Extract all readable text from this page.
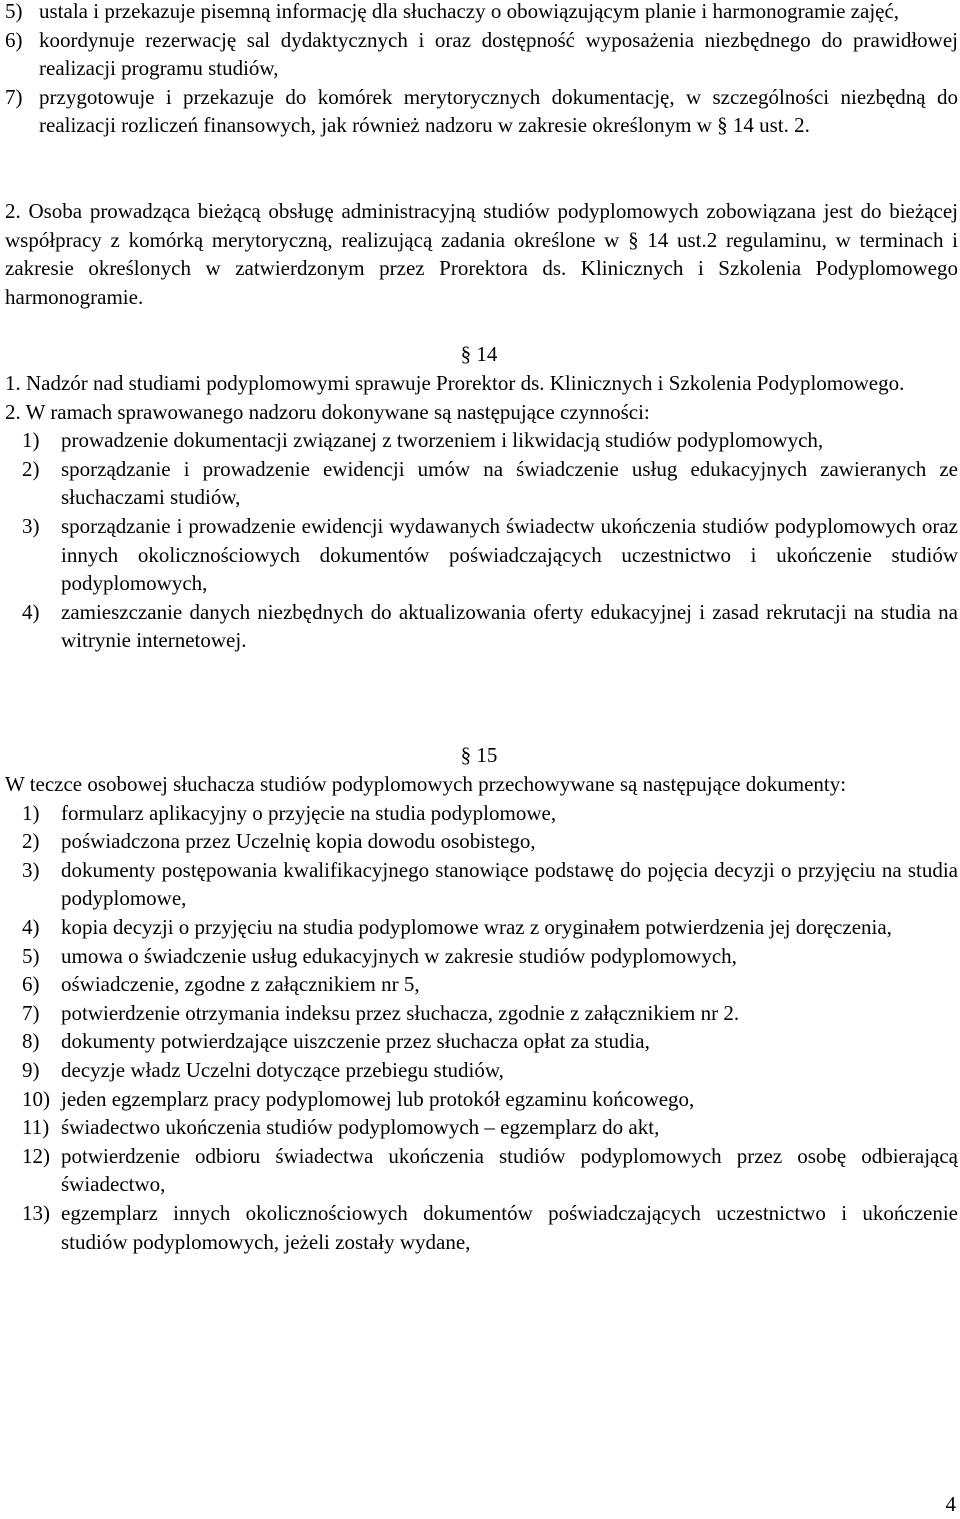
5) ustala i przekazuje pisemną informację dla słuchaczy o obowiązującym planie i harmonogramie zajęć,
6) koordynuje rezerwację sal dydaktycznych i oraz dostępność wyposażenia niezbędnego do prawidłowej realizacji programu studiów,
7) przygotowuje i przekazuje do komórek merytorycznych dokumentację, w szczególności niezbędną do realizacji rozliczeń finansowych, jak również nadzoru w zakresie określonym w § 14 ust. 2.
2. Osoba prowadząca bieżącą obsługę administracyjną studiów podyplomowych zobowiązana jest do bieżącej współpracy z komórką merytoryczną, realizującą zadania określone w § 14 ust.2 regulaminu, w terminach i zakresie określonych w zatwierdzonym przez Prorektora ds. Klinicznych i Szkolenia Podyplomowego harmonogramie.
§ 14
1. Nadzór nad studiami podyplomowymi sprawuje Prorektor ds. Klinicznych i Szkolenia Podyplomowego.
2. W ramach sprawowanego nadzoru dokonywane są następujące czynności:
1) prowadzenie dokumentacji związanej z tworzeniem i likwidacją studiów podyplomowych,
2) sporządzanie i prowadzenie ewidencji umów na świadczenie usług edukacyjnych zawieranych ze słuchaczami studiów,
3) sporządzanie i prowadzenie ewidencji wydawanych świadectw ukończenia studiów podyplomowych oraz innych okolicznościowych dokumentów poświadczających uczestnictwo i ukończenie studiów podyplomowych,
4) zamieszczanie danych niezbędnych do aktualizowania oferty edukacyjnej i zasad rekrutacji na studia na witrynie internetowej.
§ 15
W teczce osobowej słuchacza studiów podyplomowych przechowywane są następujące dokumenty:
1) formularz aplikacyjny o przyjęcie na studia podyplomowe,
2) poświadczona przez Uczelnię kopia dowodu osobistego,
3) dokumenty postępowania kwalifikacyjnego stanowiące podstawę do pojęcia decyzji o przyjęciu na studia podyplomowe,
4) kopia decyzji o przyjęciu na studia podyplomowe wraz z oryginałem potwierdzenia jej doręczenia,
5) umowa o świadczenie usług edukacyjnych w zakresie studiów podyplomowych,
6) oświadczenie, zgodne z załącznikiem nr 5,
7) potwierdzenie otrzymania indeksu przez słuchacza, zgodnie z załącznikiem nr 2.
8) dokumenty potwierdzające uiszczenie przez słuchacza opłat za studia,
9) decyzje władz Uczelni dotyczące przebiegu studiów,
10) jeden egzemplarz pracy podyplomowej lub protokół egzaminu końcowego,
11) świadectwo ukończenia studiów podyplomowych – egzemplarz do akt,
12) potwierdzenie odbioru świadectwa ukończenia studiów podyplomowych przez osobę odbierającą świadectwo,
13) egzemplarz innych okolicznościowych dokumentów poświadczających uczestnictwo i ukończenie studiów podyplomowych, jeżeli zostały wydane,
4
